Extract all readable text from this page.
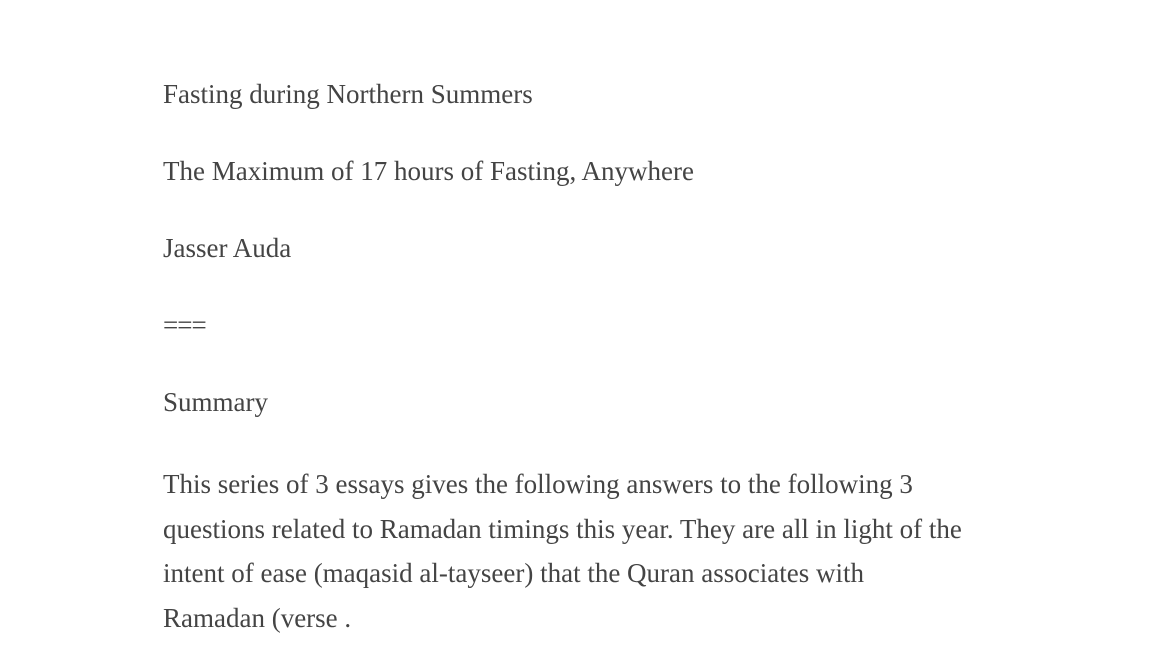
Fasting during Northern Summers

The Maximum of 17 hours of Fasting, Anywhere

Jasser Auda

===

Summary

This series of 3 essays gives the following answers to the following 3
questions related to Ramadan timings this year. They are all in light of the
intent of ease (maqasid al-tayseer) that the Quran associates with
Ramadan (verse .
